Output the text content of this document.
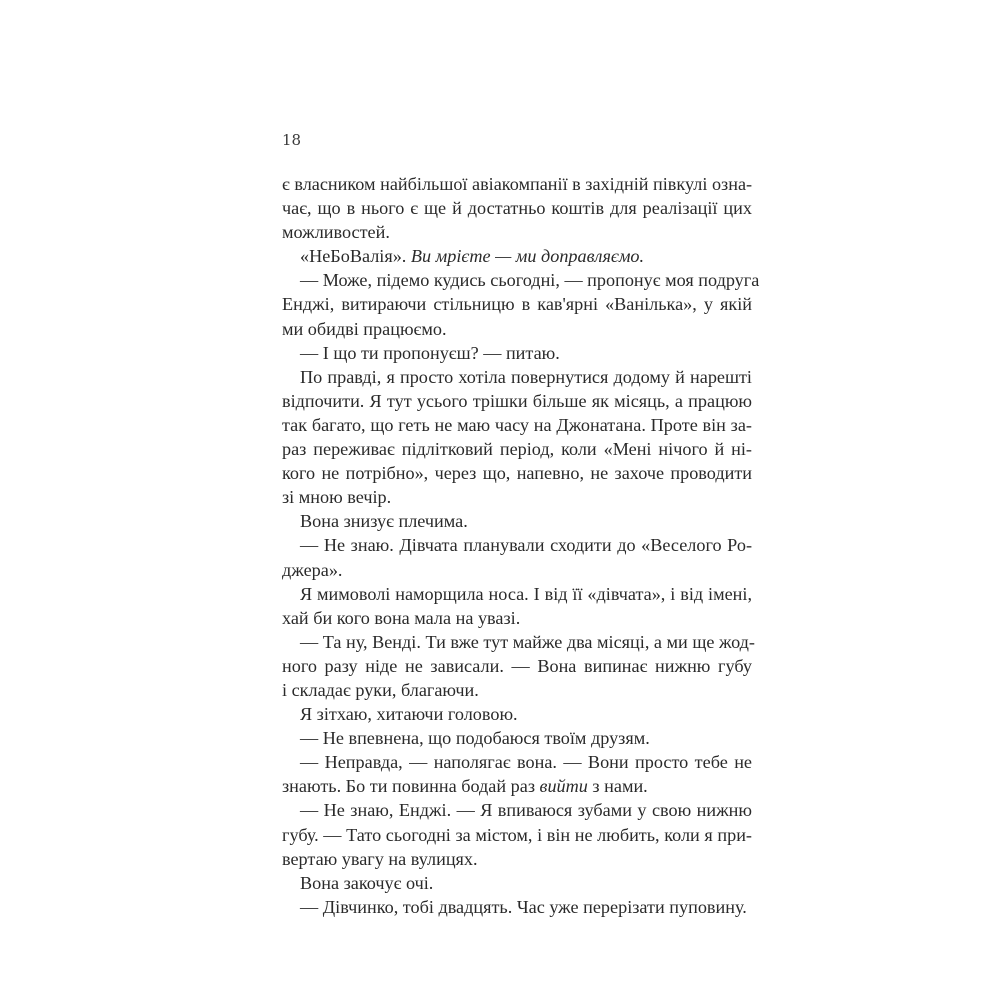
18
є власником найбільшої авіакомпанії в західній півкулі озна-
чає, що в нього є ще й достатньо коштів для реалізації цих
можливостей.
«НеБоВалія». Ви мрієте — ми доправляємо.
— Може, підемо кудись сьогодні, — пропонує моя подруга
Енджі, витираючи стільницю в кав'ярні «Ванілька», у якій
ми обидві працюємо.
— І що ти пропонуєш? — питаю.
По правді, я просто хотіла повернутися додому й нарешті
відпочити. Я тут усього трішки більше як місяць, а працюю
так багато, що геть не маю часу на Джонатана. Проте він за-
раз переживає підлітковий період, коли «Мені нічого й ні-
кого не потрібно», через що, напевно, не захоче проводити
зі мною вечір.
Вона знизує плечима.
— Не знаю. Дівчата планували сходити до «Веселого Ро-
джера».
Я мимоволі наморщила носа. І від її «дівчата», і від імені,
хай би кого вона мала на увазі.
— Та ну, Венді. Ти вже тут майже два місяці, а ми ще жод-
ного разу ніде не зависали. — Вона випинає нижню губу
і складає руки, благаючи.
Я зітхаю, хитаючи головою.
— Не впевнена, що подобаюся твоїм друзям.
— Неправда, — наполягає вона. — Вони просто тебе не
знають. Бо ти повинна бодай раз вийти з нами.
— Не знаю, Енджі. — Я впиваюся зубами у свою нижню
губу. — Тато сьогодні за містом, і він не любить, коли я при-
вертаю увагу на вулицях.
Вона закочує очі.
— Дівчинко, тобі двадцять. Час уже перерізати пуповину.
